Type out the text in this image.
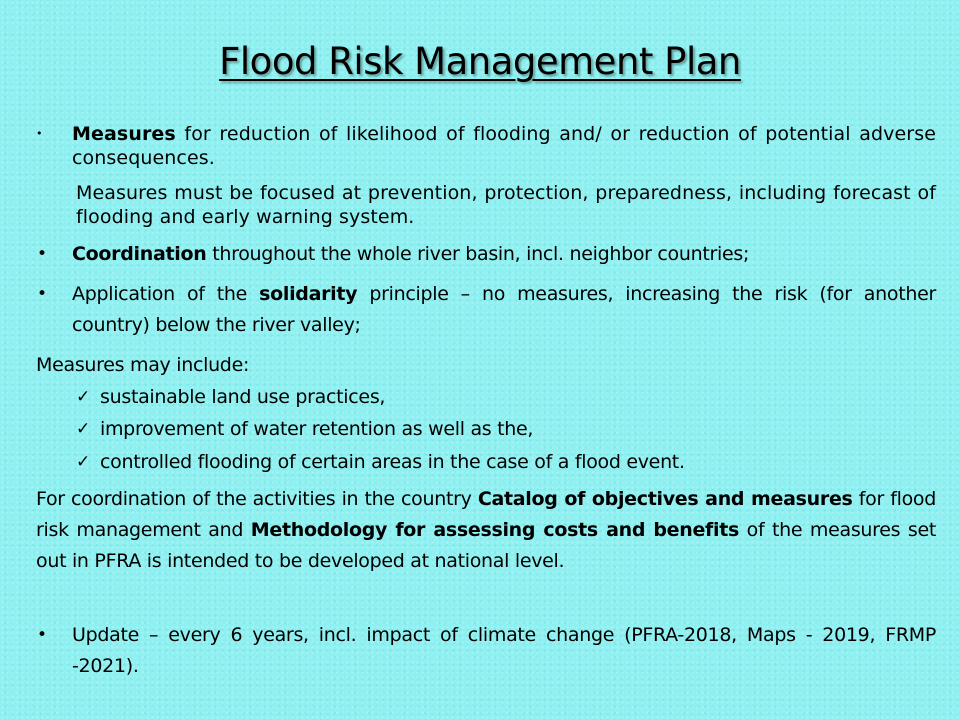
Flood Risk Management Plan
• Measures for reduction of likelihood of flooding and/ or reduction of potential adverse consequences.
Measures must be focused at prevention, protection, preparedness, including forecast of flooding and early warning system.
• Coordination throughout the whole river basin, incl. neighbor countries;
• Application of the solidarity principle – no measures, increasing the risk (for another country) below the river valley;
Measures may include:
✓ sustainable land use practices,
✓ improvement of water retention as well as the,
✓ controlled flooding of certain areas in the case of a flood event.
For coordination of the activities in the country Catalog of objectives and measures for flood risk management and Methodology for assessing costs and benefits of the measures set out in PFRA is intended to be developed at national level.
• Update – every 6 years, incl. impact of climate change (PFRA-2018, Maps - 2019, FRMP -2021).
